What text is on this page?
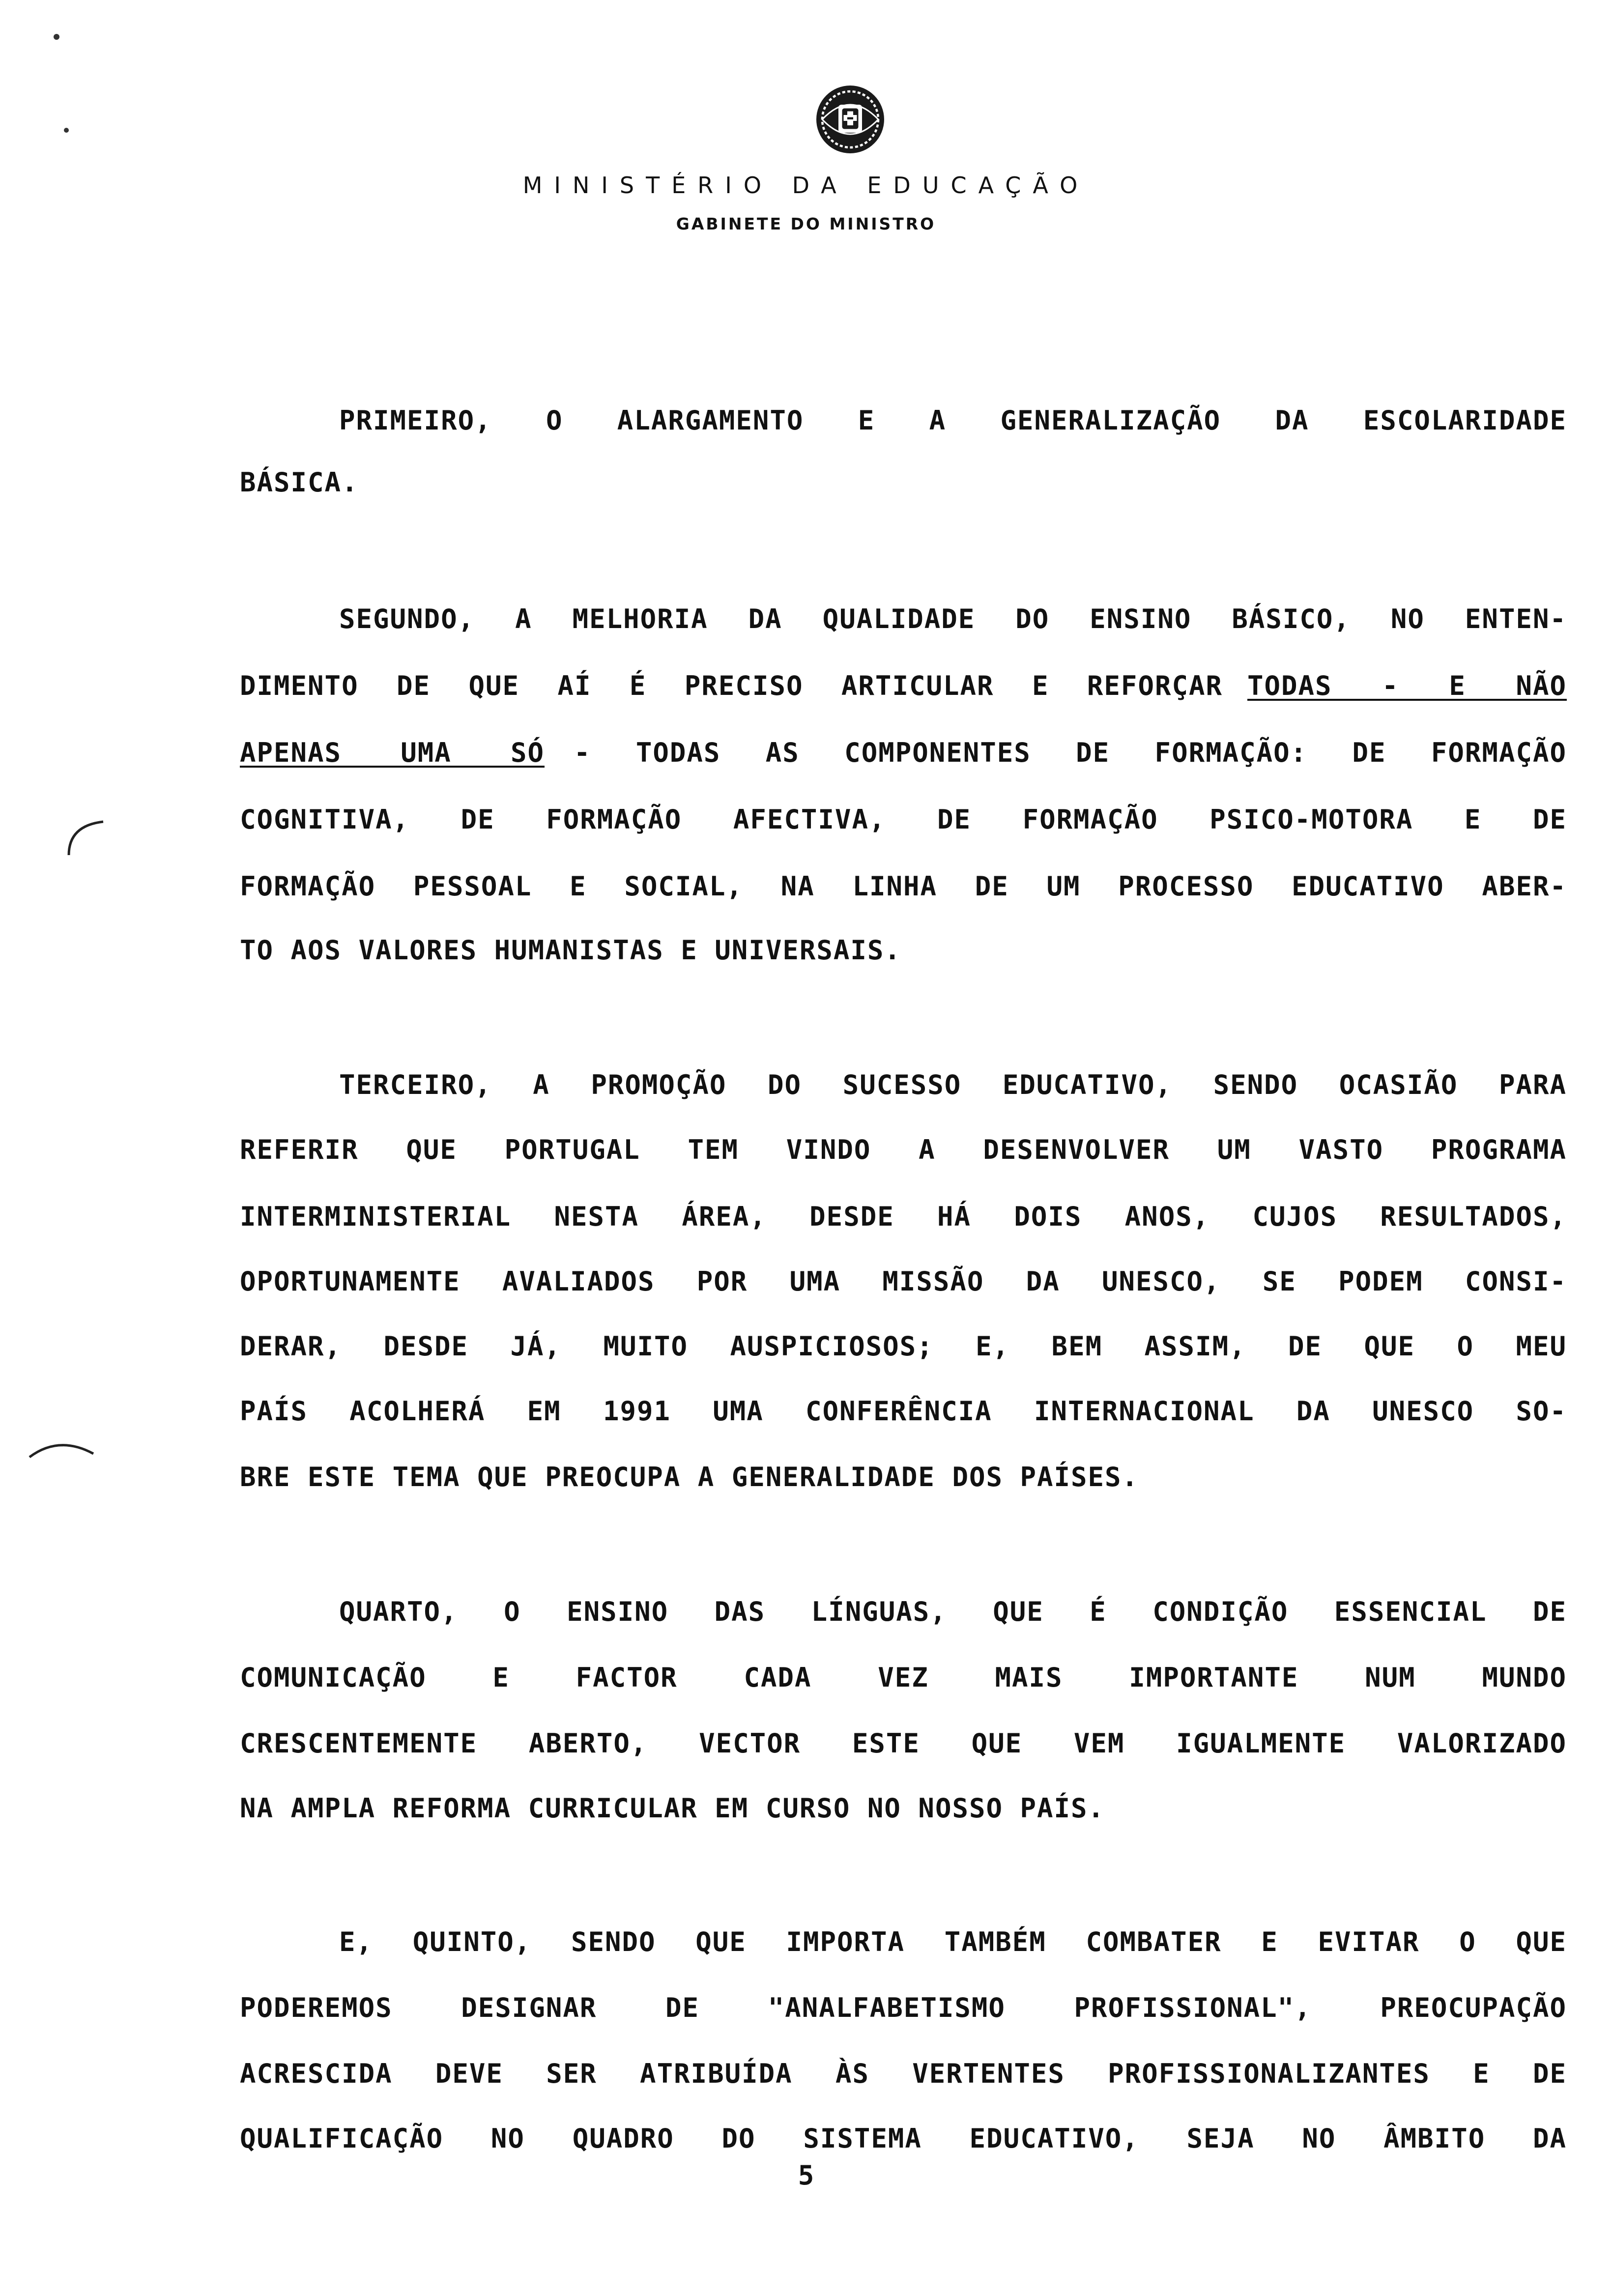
MINISTÉRIO DA EDUCAÇÃO
GABINETE DO MINISTRO
PRIMEIRO, O ALARGAMENTO E A GENERALIZAÇÃO DA ESCOLARIDADE
BÁSICA.
SEGUNDO, A MELHORIA DA QUALIDADE DO ENSINO BÁSICO, NO ENTEN-
DIMENTO DE QUE AÍ É PRECISO ARTICULAR E REFORÇAR TODAS - E NÃO
APENAS UMA SÓ - TODAS AS COMPONENTES DE FORMAÇÃO: DE FORMAÇÃO
COGNITIVA, DE FORMAÇÃO AFECTIVA, DE FORMAÇÃO PSICO-MOTORA E DE
FORMAÇÃO PESSOAL E SOCIAL, NA LINHA DE UM PROCESSO EDUCATIVO ABER-
TO AOS VALORES HUMANISTAS E UNIVERSAIS.
TERCEIRO, A PROMOÇÃO DO SUCESSO EDUCATIVO, SENDO OCASIÃO PARA
REFERIR QUE PORTUGAL TEM VINDO A DESENVOLVER UM VASTO PROGRAMA
INTERMINISTERIAL NESTA ÁREA, DESDE HÁ DOIS ANOS, CUJOS RESULTADOS,
OPORTUNAMENTE AVALIADOS POR UMA MISSÃO DA UNESCO, SE PODEM CONSI-
DERAR, DESDE JÁ, MUITO AUSPICIOSOS; E, BEM ASSIM, DE QUE O MEU
PAÍS ACOLHERÁ EM 1991 UMA CONFERÊNCIA INTERNACIONAL DA UNESCO SO-
BRE ESTE TEMA QUE PREOCUPA A GENERALIDADE DOS PAÍSES.
QUARTO, O ENSINO DAS LÍNGUAS, QUE É CONDIÇÃO ESSENCIAL DE
COMUNICAÇÃO E FACTOR CADA VEZ MAIS IMPORTANTE NUM MUNDO
CRESCENTEMENTE ABERTO, VECTOR ESTE QUE VEM IGUALMENTE VALORIZADO
NA AMPLA REFORMA CURRICULAR EM CURSO NO NOSSO PAÍS.
E, QUINTO, SENDO QUE IMPORTA TAMBÉM COMBATER E EVITAR O QUE
PODEREMOS DESIGNAR DE "ANALFABETISMO PROFISSIONAL", PREOCUPAÇÃO
ACRESCIDA DEVE SER ATRIBUÍDA ÀS VERTENTES PROFISSIONALIZANTES E DE
QUALIFICAÇÃO NO QUADRO DO SISTEMA EDUCATIVO, SEJA NO ÂMBITO DA
5
